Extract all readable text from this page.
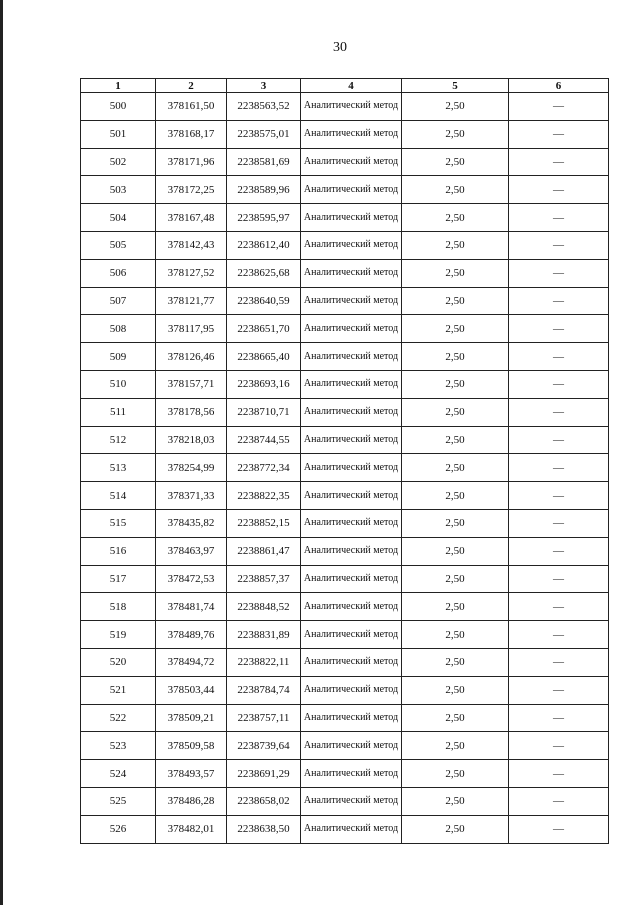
30
1	2	3	4	5	6
500	378161,50	2238563,52	Аналитический метод	2,50	—
501	378168,17	2238575,01	Аналитический метод	2,50	—
502	378171,96	2238581,69	Аналитический метод	2,50	—
503	378172,25	2238589,96	Аналитический метод	2,50	—
504	378167,48	2238595,97	Аналитический метод	2,50	—
505	378142,43	2238612,40	Аналитический метод	2,50	—
506	378127,52	2238625,68	Аналитический метод	2,50	—
507	378121,77	2238640,59	Аналитический метод	2,50	—
508	378117,95	2238651,70	Аналитический метод	2,50	—
509	378126,46	2238665,40	Аналитический метод	2,50	—
510	378157,71	2238693,16	Аналитический метод	2,50	—
511	378178,56	2238710,71	Аналитический метод	2,50	—
512	378218,03	2238744,55	Аналитический метод	2,50	—
513	378254,99	2238772,34	Аналитический метод	2,50	—
514	378371,33	2238822,35	Аналитический метод	2,50	—
515	378435,82	2238852,15	Аналитический метод	2,50	—
516	378463,97	2238861,47	Аналитический метод	2,50	—
517	378472,53	2238857,37	Аналитический метод	2,50	—
518	378481,74	2238848,52	Аналитический метод	2,50	—
519	378489,76	2238831,89	Аналитический метод	2,50	—
520	378494,72	2238822,11	Аналитический метод	2,50	—
521	378503,44	2238784,74	Аналитический метод	2,50	—
522	378509,21	2238757,11	Аналитический метод	2,50	—
523	378509,58	2238739,64	Аналитический метод	2,50	—
524	378493,57	2238691,29	Аналитический метод	2,50	—
525	378486,28	2238658,02	Аналитический метод	2,50	—
526	378482,01	2238638,50	Аналитический метод	2,50	—
